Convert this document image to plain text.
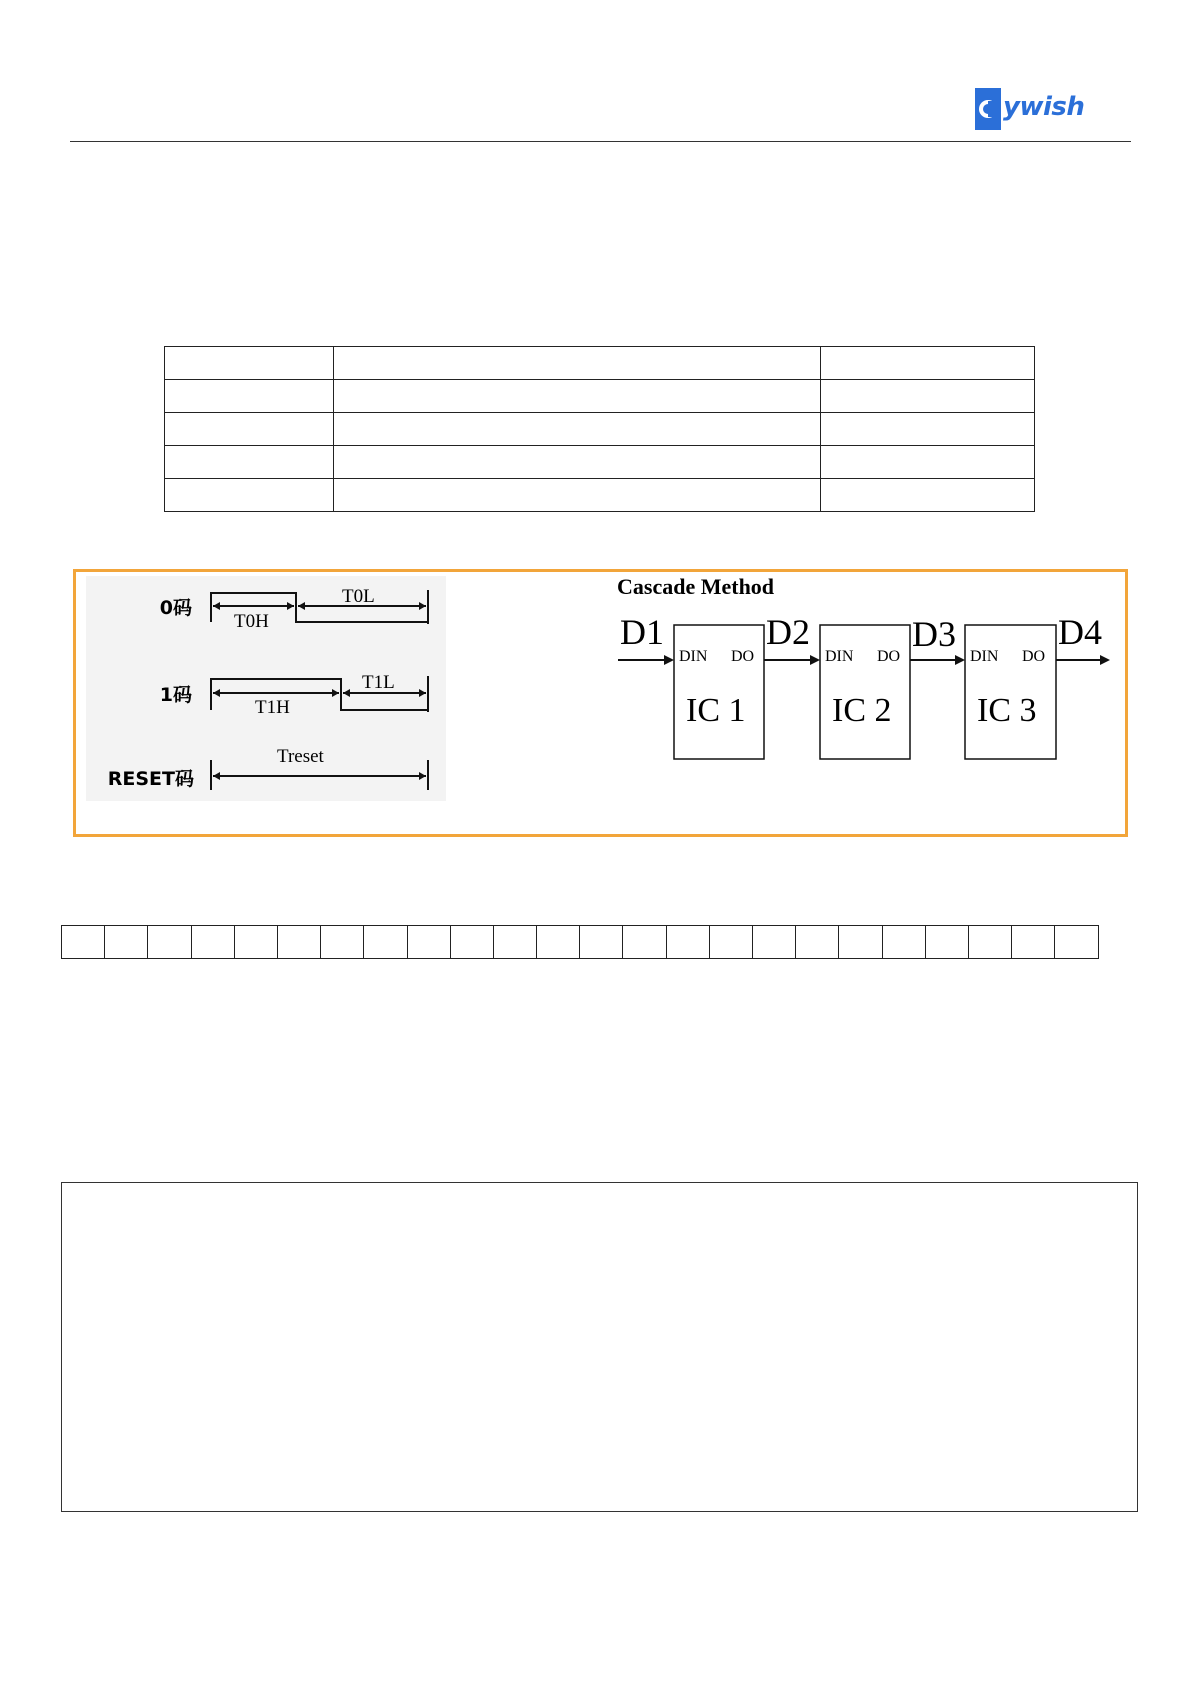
ywish

0码
1码
RESET码
T0H
T0L
T1H
T1L
Treset
Cascade Method
D1	D2	D3	D4
DIN DO
IC 1
DIN DO
IC 2
DIN DO
IC 3
